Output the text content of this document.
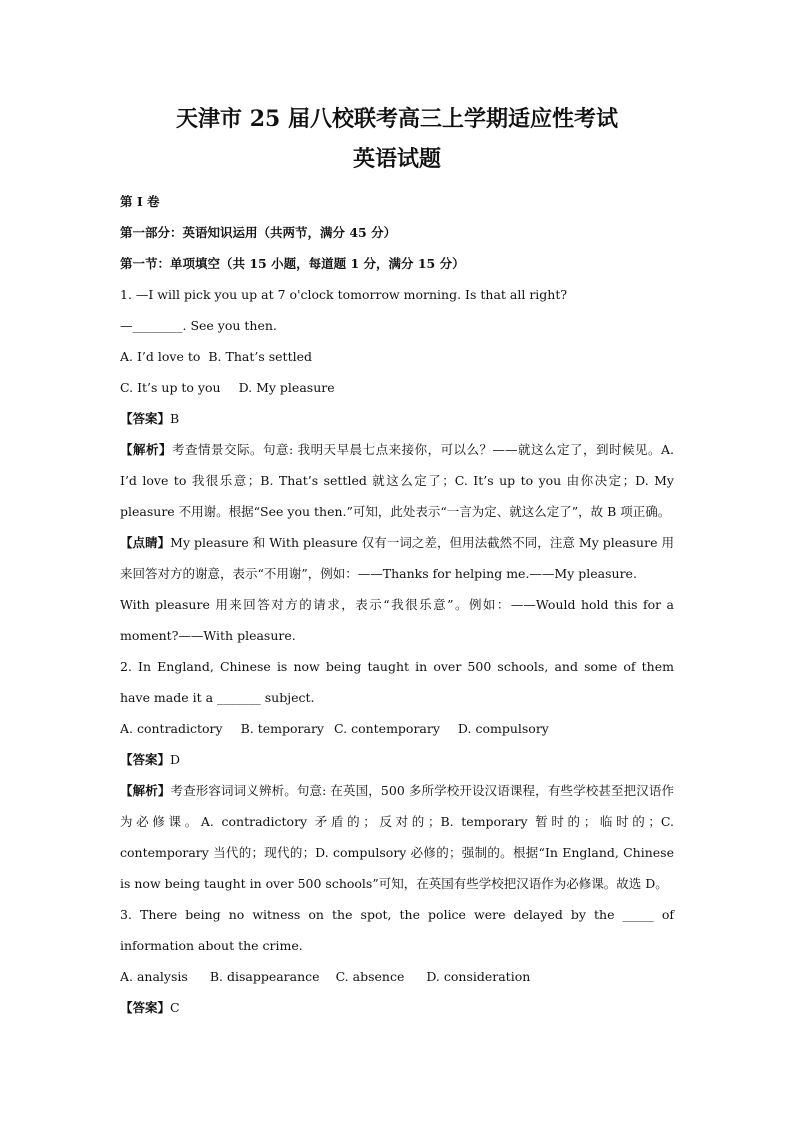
天津市 25 届八校联考高三上学期适应性考试
英语试题

第 I 卷

第一部分：英语知识运用（共两节，满分 45 分）

第一节：单项填空（共 15 小题，每道题 1 分，满分 15 分）

1. —I will pick you up at 7 o'clock tomorrow morning. Is that all right?

—________. See you then.

A. I’d love to B. That’s settled

C. It’s up to you D. My pleasure

【答案】B

【解析】考查情景交际。句意: 我明天早晨七点来接你，可以么？——就这么定了，到时候见。A. I’d love to 我很乐意；B. That’s settled 就这么定了；C. It’s up to you 由你决定；D. My pleasure 不用谢。根据“See you then.”可知，此处表示“一言为定、就这么定了”，故 B 项正确。

【点睛】My pleasure 和 With pleasure 仅有一词之差，但用法截然不同，注意 My pleasure 用来回答对方的谢意，表示“不用谢”，例如：——Thanks for helping me.——My pleasure.

With pleasure 用来回答对方的请求，表示“我很乐意”。例如：——Would hold this for a moment?——With pleasure.

2. In England, Chinese is now being taught in over 500 schools, and some of them have made it a _______ subject.

A. contradictory B. temporary C. contemporary D. compulsory

【答案】D

【解析】考查形容词词义辨析。句意: 在英国，500 多所学校开设汉语课程，有些学校甚至把汉语作为必修课。A. contradictory 矛盾的；反对的；B. temporary 暂时的；临时的；C. contemporary 当代的；现代的；D. compulsory 必修的；强制的。根据“In England, Chinese is now being taught in over 500 schools”可知，在英国有些学校把汉语作为必修课。故选 D。

3. There being no witness on the spot, the police were delayed by the _____ of information about the crime.

A. analysis B. disappearance C. absence D. consideration

【答案】C
